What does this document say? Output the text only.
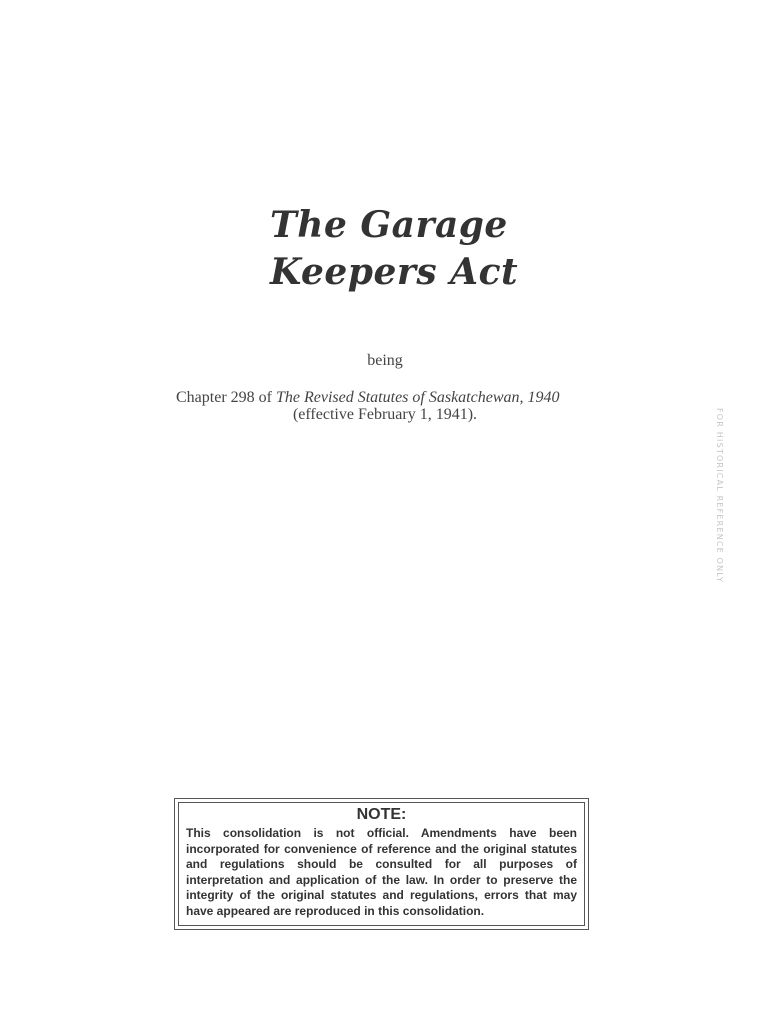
The Garage
Keepers Act
being
Chapter 298 of The Revised Statutes of Saskatchewan, 1940
(effective February 1, 1941).	FOR HISTORICAL REFERENCE ONLY
NOTE:
This consolidation is not official. Amendments have been incorporated for convenience of reference and the original statutes and regulations should be consulted for all purposes of interpretation and application of the law. In order to preserve the integrity of the original statutes and regulations, errors that may have appeared are reproduced in this consolidation.
